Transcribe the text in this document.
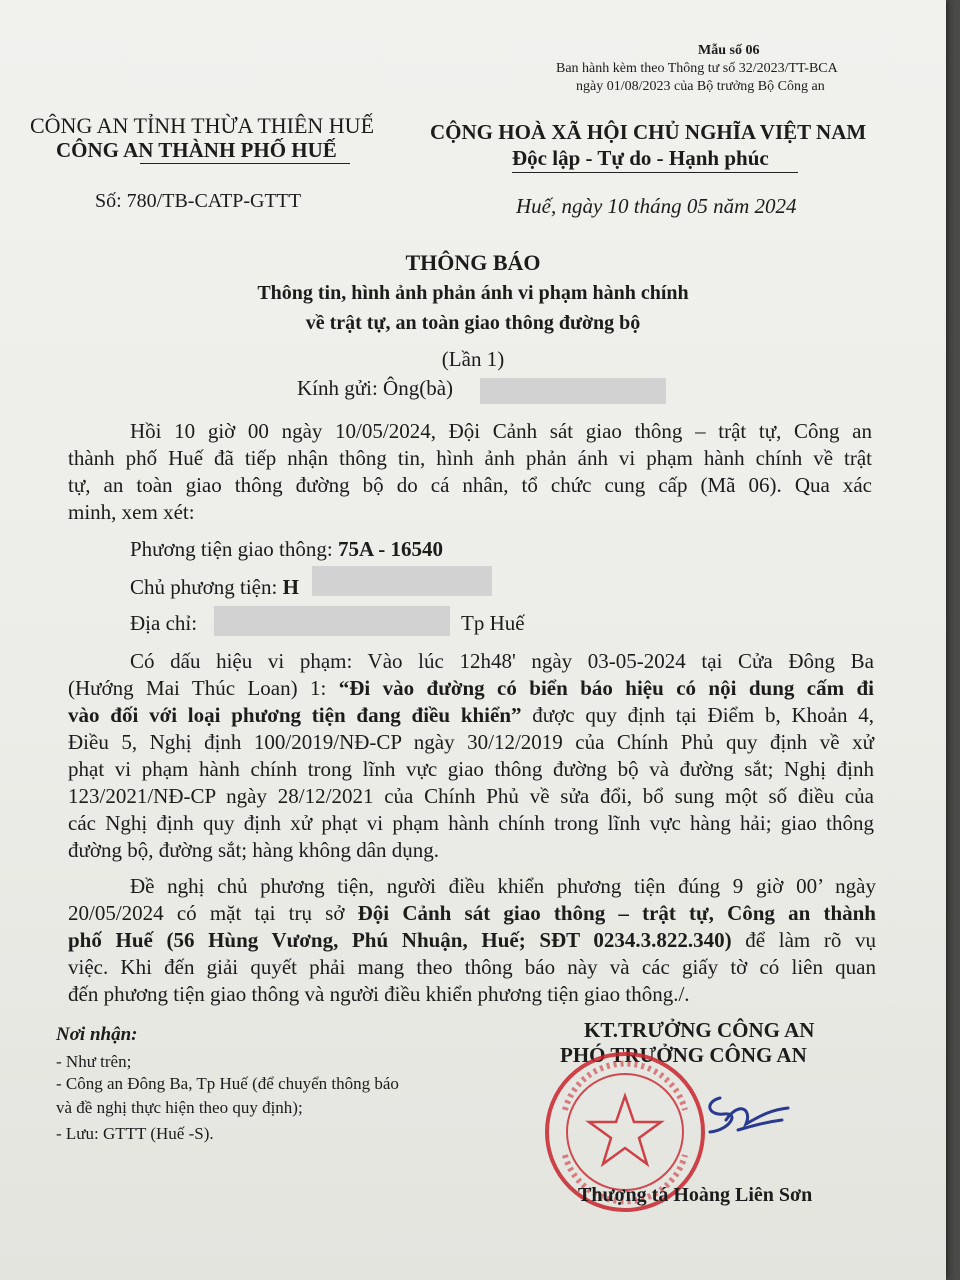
Mẫu số 06
Ban hành kèm theo Thông tư số 32/2023/TT-BCA
ngày 01/08/2023 của Bộ trưởng Bộ Công an
CÔNG AN TỈNH THỪA THIÊN HUẾ
CÔNG AN THÀNH PHỐ HUẾ
Số: 780/TB-CATP-GTTT
CỘNG HOÀ XÃ HỘI CHỦ NGHĨA VIỆT NAM
Độc lập - Tự do - Hạnh phúc
Huế, ngày 10 tháng 05 năm 2024
THÔNG BÁO
Thông tin, hình ảnh phản ánh vi phạm hành chính
về trật tự, an toàn giao thông đường bộ
(Lần 1)
Kính gửi: Ông(bà)
Hồi 10 giờ 00 ngày 10/05/2024, Đội Cảnh sát giao thông – trật tự, Công an
thành phố Huế đã tiếp nhận thông tin, hình ảnh phản ánh vi phạm hành chính về trật
tự, an toàn giao thông đường bộ do cá nhân, tổ chức cung cấp (Mã 06). Qua xác
minh, xem xét:
Phương tiện giao thông: 75A - 16540
Chủ phương tiện: H
Địa chỉ:	Tp Huế
Có dấu hiệu vi phạm: Vào lúc 12h48' ngày 03-05-2024 tại Cửa Đông Ba
(Hướng Mai Thúc Loan) 1: “Đi vào đường có biển báo hiệu có nội dung cấm đi
vào đối với loại phương tiện đang điều khiển” được quy định tại Điểm b, Khoản 4,
Điều 5, Nghị định 100/2019/NĐ-CP ngày 30/12/2019 của Chính Phủ quy định về xử
phạt vi phạm hành chính trong lĩnh vực giao thông đường bộ và đường sắt; Nghị định
123/2021/NĐ-CP ngày 28/12/2021 của Chính Phủ về sửa đổi, bổ sung một số điều của
các Nghị định quy định xử phạt vi phạm hành chính trong lĩnh vực hàng hải; giao thông
đường bộ, đường sắt; hàng không dân dụng.
Đề nghị chủ phương tiện, người điều khiển phương tiện đúng 9 giờ 00’ ngày
20/05/2024 có mặt tại trụ sở Đội Cảnh sát giao thông – trật tự, Công an thành
phố Huế (56 Hùng Vương, Phú Nhuận, Huế; SĐT 0234.3.822.340) để làm rõ vụ
việc. Khi đến giải quyết phải mang theo thông báo này và các giấy tờ có liên quan
đến phương tiện giao thông và người điều khiển phương tiện giao thông./.
Nơi nhận:
- Như trên;
- Công an Đông Ba, Tp Huế (để chuyển thông báo
và đề nghị thực hiện theo quy định);
- Lưu: GTTT (Huế -S).
KT.TRƯỞNG CÔNG AN
PHÓ TRƯỞNG CÔNG AN
Thượng tá Hoàng Liên Sơn
